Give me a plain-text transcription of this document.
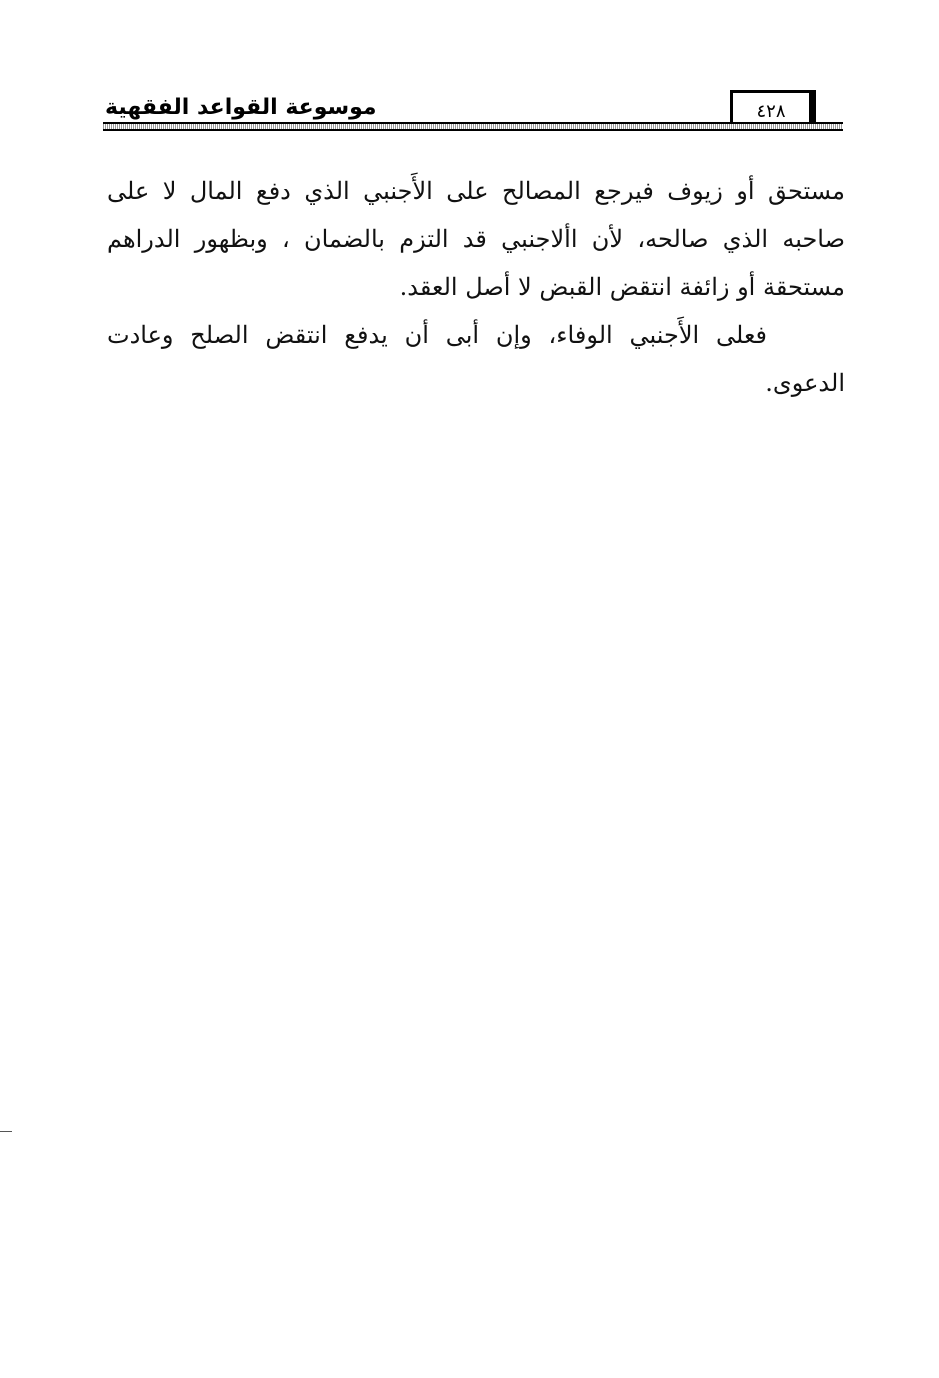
موسوعة القواعد الفقهية	٤٢٨

مستحق أو زيوف فيرجع المصالح على الأَجنبي الذي دفع المال لا على صاحبه الذي صالحه، لأن األاجنبي قد التزم بالضمان ، وبظهور الدراهم مستحقة أو زائفة انتقض القبض لا أصل العقد.

فعلى الأَجنبي الوفاء، وإن أبى أن يدفع انتقض الصلح وعادت الدعوى.
